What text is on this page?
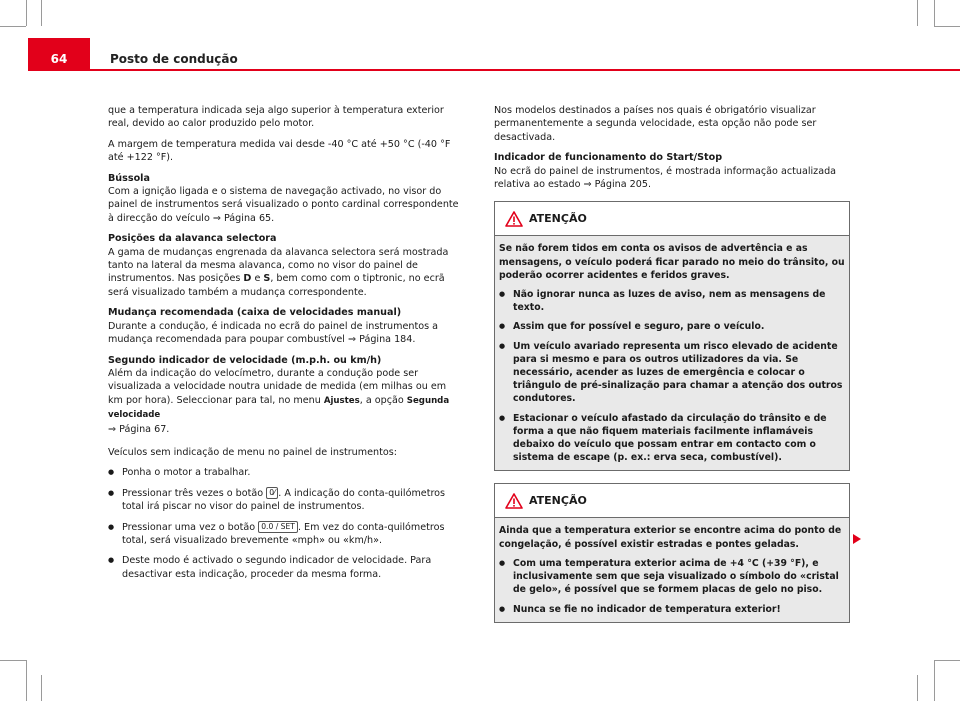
64	Posto de condução

que a temperatura indicada seja algo superior à temperatura exterior real, devido ao calor produzido pelo motor.

A margem de temperatura medida vai desde -40 °C até +50 °C (-40 °F até +122 °F).

Bússola

Com a ignição ligada e o sistema de navegação activado, no visor do painel de instrumentos será visualizado o ponto cardinal correspondente à direcção do veículo ⇒ Página 65.

Posições da alavanca selectora

A gama de mudanças engrenada da alavanca selectora será mostrada tanto na lateral da mesma alavanca, como no visor do painel de instrumentos. Nas posições D e S, bem como com o tiptronic, no ecrã será visualizado também a mudança correspondente.

Mudança recomendada (caixa de velocidades manual)

Durante a condução, é indicada no ecrã do painel de instrumentos a mudança recomendada para poupar combustível ⇒ Página 184.

Segundo indicador de velocidade (m.p.h. ou km/h)

Além da indicação do velocímetro, durante a condução pode ser visualizada a velocidade noutra unidade de medida (em milhas ou em km por hora). Seleccionar para tal, no menu Ajustes, a opção Segunda velocidade
⇒ Página 67.

Veículos sem indicação de menu no painel de instrumentos:

● Ponha o motor a trabalhar.
● Pressionar três vezes o botão 0⁄ . A indicação do conta-quilómetros total irá piscar no visor do painel de instrumentos.
● Pressionar uma vez o botão 0.0 / SET . Em vez do conta-quilómetros total, será visualizado brevemente «mph» ou «km/h».
● Deste modo é activado o segundo indicador de velocidade. Para desactivar esta indicação, proceder da mesma forma.

Nos modelos destinados a países nos quais é obrigatório visualizar permanentemente a segunda velocidade, esta opção não pode ser desactivada.

Indicador de funcionamento do Start/Stop

No ecrã do painel de instrumentos, é mostrada informação actualizada relativa ao estado ⇒ Página 205.

ATENÇÃO

Se não forem tidos em conta os avisos de advertência e as mensagens, o veículo poderá ficar parado no meio do trânsito, ou poderão ocorrer acidentes e feridos graves.

● Não ignorar nunca as luzes de aviso, nem as mensagens de texto.
● Assim que for possível e seguro, pare o veículo.
● Um veículo avariado representa um risco elevado de acidente para si mesmo e para os outros utilizadores da via. Se necessário, acender as luzes de emergência e colocar o triângulo de pré-sinalização para chamar a atenção dos outros condutores.
● Estacionar o veículo afastado da circulação do trânsito e de forma a que não fiquem materiais facilmente inflamáveis debaixo do veículo que possam entrar em contacto com o sistema de escape (p. ex.: erva seca, combustível).
ATENÇÃO

Ainda que a temperatura exterior se encontre acima do ponto de congelação, é possível existir estradas e pontes geladas.

● Com uma temperatura exterior acima de +4 °C (+39 °F), e inclusivamente sem que seja visualizado o símbolo do «cristal de gelo», é possível que se formem placas de gelo no piso.
● Nunca se fie no indicador de temperatura exterior!
